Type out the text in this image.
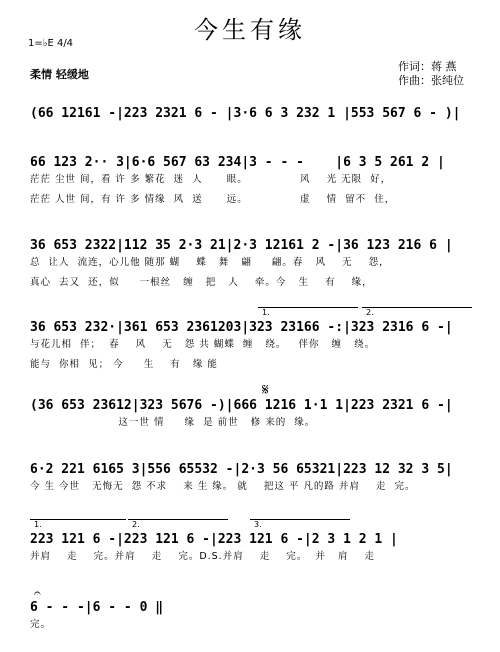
今生有缘
1=♭E 4/4
柔情 轻缓地
作词：蒋 燕
作曲：张纯位
(66 12161 -|223 2321 6 - |3·6 6 3 232 1 |553 567 6 - )|
66 123 2·· 3|6·6 567 63 234|3 - - -    |6 3 5 261 2 |
茫茫 尘世 间，看 许 多 繁花  迷  人      眼。             风    光 无限  好，
茫茫 人世 间，有 许 多 情缘  风  送      远。             虚    情  留不  住，
36 653 2322|112 35 2·3 21|2·3 12161 2 -|36 123 216 6 |
总  让人  流连，心儿他 随那 蝴    蝶   舞   翩     翩。春   风    无    怨，
真心  去又  还，似     一根丝   缠   把   人    牵。今   生    有    缘，
1.	2.
36 653 232·|361 653 2361203|323 23166 -:|323 2316 6 -|
与花儿相  伴；  春    风    无   怨 共 蝴蝶  缠   绕。   伴你   缠   绕。
能与  你相  见； 今     生    有   缘 能
𝄋
(36 653 23612|323 5676 -)|666 1216 1·1 1|223 2321 6 -|
这一世 情     缘  是 前世   修 来的  缘。
6·2 221 6165 3|556 65532 -|2·3 56 65321|223 12 32 3 5|
今 生 今世   无悔无  怨 不求    来 生 缘。 就    把这 平 凡的路 并肩    走  完。
1.	2.	3.
223 121 6 -|223 121 6 -|223 121 6 -|2 3 1 2 1 |
并肩    走    完。并肩    走    完。D.S.并肩    走    完。  并   肩    走
𝄐
6 - - -|6 - - 0 ‖
完。
